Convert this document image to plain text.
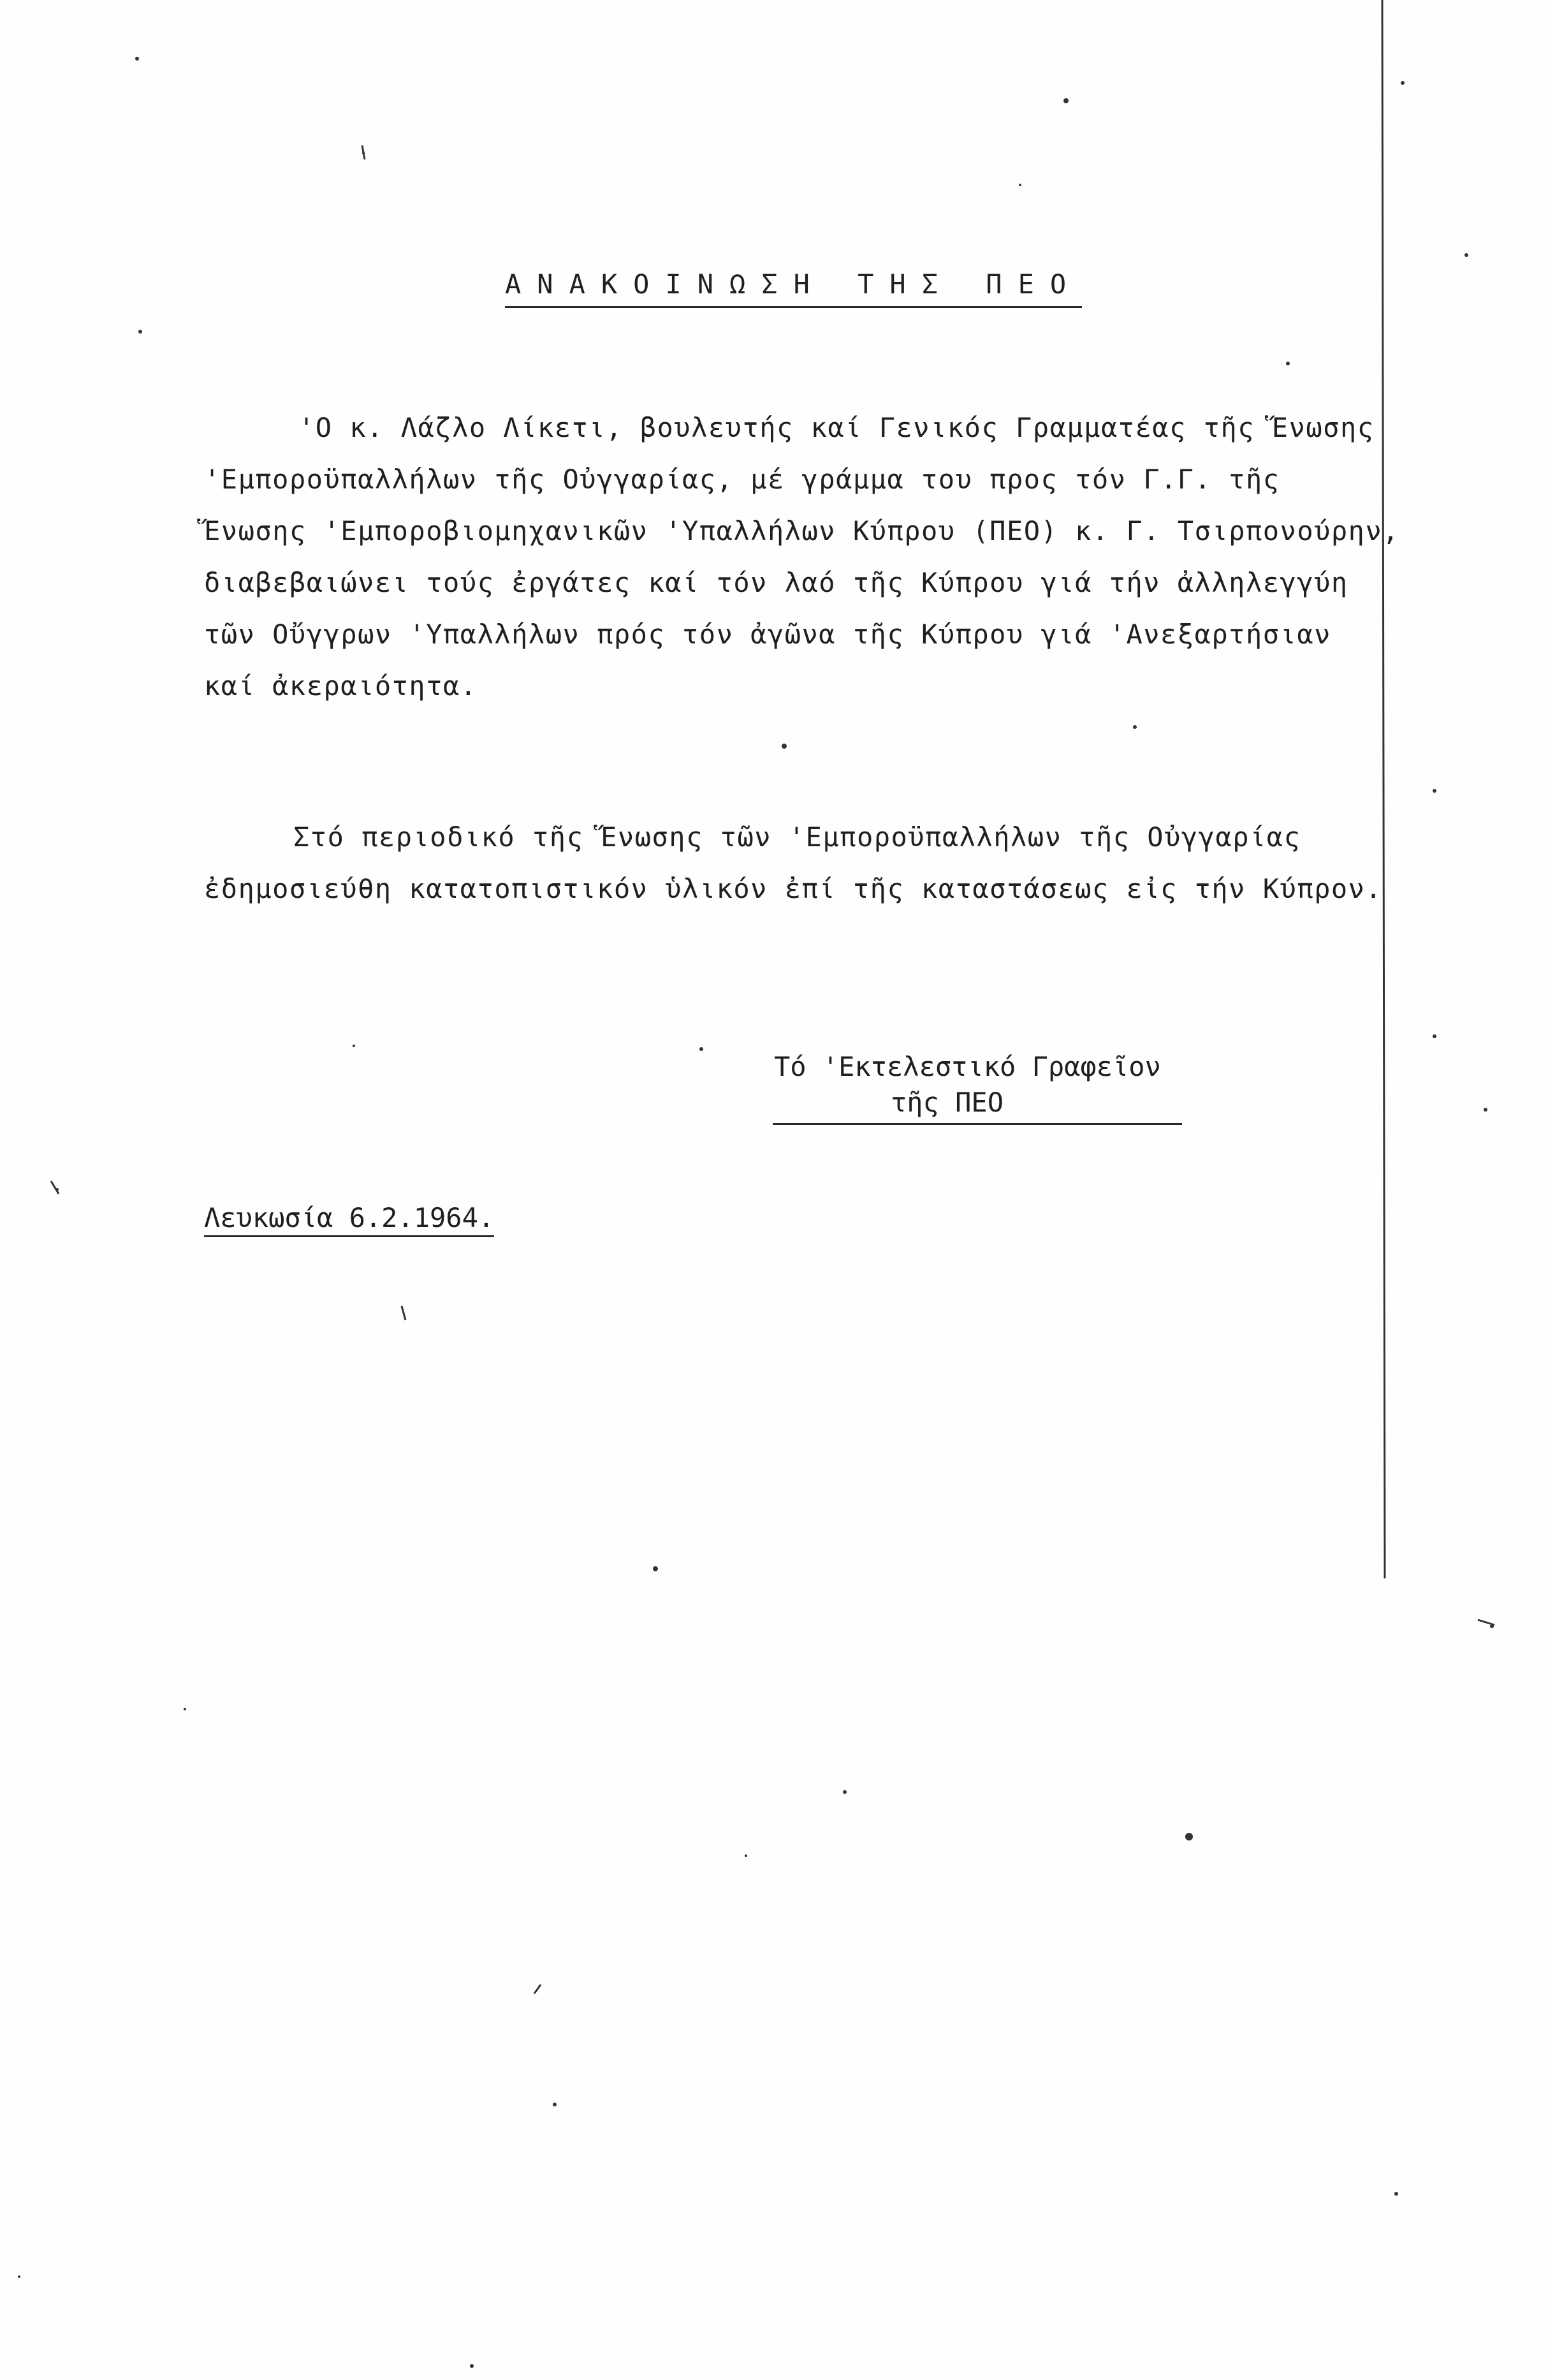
ΑΝΑΚΟΙΝΩΣΗ ΤΗΣ ΠΕΟ
'Ο κ. Λάζλο Λίκετι, βουλευτής καί Γενικός Γραμματέας τῆς Ἕνωσης
'Εμποροϋπαλλήλων τῆς Οὐγγαρίας, μέ γράμμα του προς τόν Γ.Γ. τῆς
Ἕνωσης 'Εμποροβιομηχανικῶν 'Υπαλλήλων Κύπρου (ΠΕΟ) κ. Γ. Τσιρπονούρην,
διαβεβαιώνει τούς ἐργάτες καί τόν λαό τῆς Κύπρου γιά τήν ἀλληλεγγύη
τῶν Οὔγγρων 'Υπαλλήλων πρός τόν ἀγῶνα τῆς Κύπρου γιά 'Ανεξαρτήσιαν
καί ἀκεραιότητα.
Στό περιοδικό τῆς Ἕνωσης τῶν 'Εμποροϋπαλλήλων τῆς Οὐγγαρίας
ἐδημοσιεύθη κατατοπιστικόν ὑλικόν ἐπί τῆς καταστάσεως εἰς τήν Κύπρον.
Τό 'Εκτελεστικό Γραφεῖον
τῆς ΠΕΟ
Λευκωσία 6.2.1964.
